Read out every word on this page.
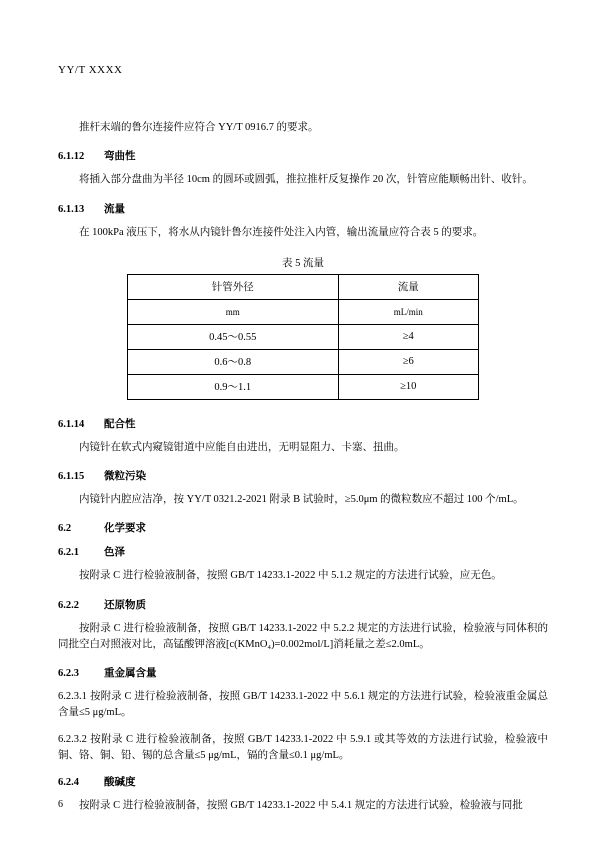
YY/T XXXX

推杆末端的鲁尔连接件应符合 YY/T 0916.7 的要求。

6.1.12 弯曲性

将插入部分盘曲为半径 10cm 的圆环或圆弧，推拉推杆反复操作 20 次，针管应能顺畅出针、收针。

6.1.13 流量

在 100kPa 液压下，将水从内镜针鲁尔连接件处注入内管，输出流量应符合表 5 的要求。

表 5 流量
针管外径	流量
mm	mL/min
0.45～0.55	≥4
0.6～0.8	≥6
0.9～1.1	≥10
6.1.14 配合性

内镜针在软式内窥镜钳道中应能自由进出，无明显阻力、卡塞、扭曲。

6.1.15 微粒污染

内镜针内腔应洁净，按 YY/T 0321.2-2021 附录 B 试验时，≥5.0μm 的微粒数应不超过 100 个/mL。

6.2	化学要求
6.2.1 色泽

按附录 C 进行检验液制备，按照 GB/T 14233.1-2022 中 5.1.2 规定的方法进行试验，应无色。

6.2.2 还原物质

按附录 C 进行检验液制备，按照 GB/T 14233.1-2022 中 5.2.2 规定的方法进行试验，检验液与同体积的同批空白对照液对比，高锰酸钾溶液[c(KMnO₄)=0.002mol/L]消耗量之差≤2.0mL。

6.2.3 重金属含量

6.2.3.1 按附录 C 进行检验液制备，按照 GB/T 14233.1-2022 中 5.6.1 规定的方法进行试验，检验液重金属总含量≤5 μg/mL。

6.2.3.2 按附录 C 进行检验液制备，按照 GB/T 14233.1-2022 中 5.9.1 或其等效的方法进行试验，检验液中铜、铬、铜、铅、锡的总含量≤5 μg/mL，镉的含量≤0.1 μg/mL。

6.2.4 酸碱度

按附录 C 进行检验液制备，按照 GB/T 14233.1-2022 中 5.4.1 规定的方法进行试验，检验液与同批

6
